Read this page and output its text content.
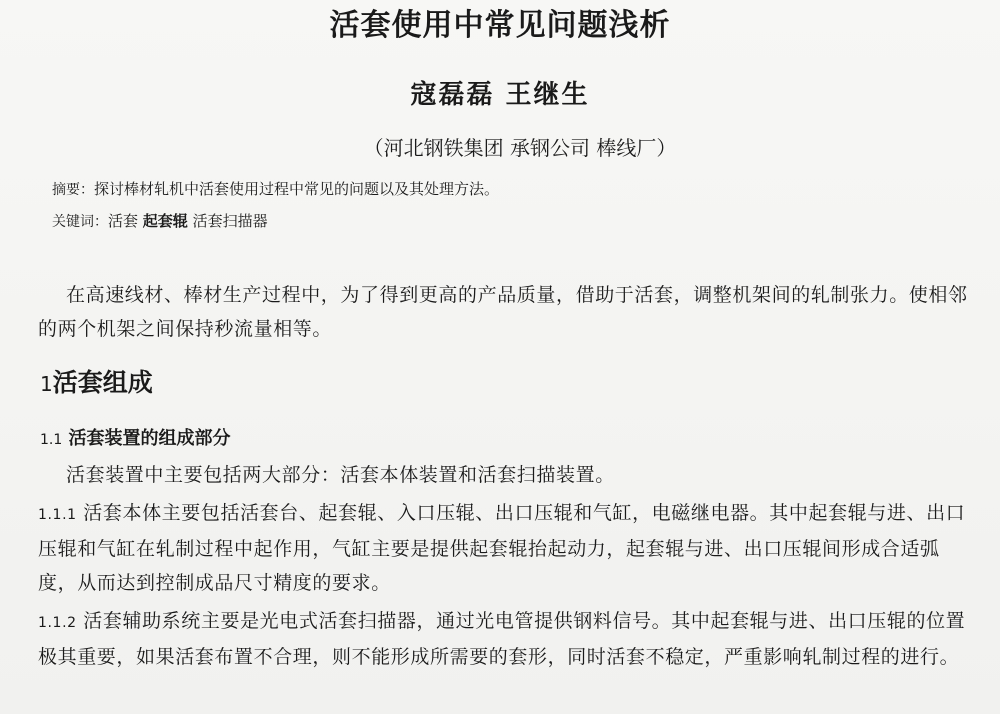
活套使用中常见问题浅析
寇磊磊 王继生
（河北钢铁集团 承钢公司 棒线厂）
摘要：探讨棒材轧机中活套使用过程中常见的问题以及其处理方法。
关键词：活套 起套辊 活套扫描器
在高速线材、棒材生产过程中，为了得到更高的产品质量，借助于活套，调整机架间的轧制张力。使相邻的两个机架之间保持秒流量相等。
1活套组成
1.1 活套装置的组成部分
活套装置中主要包括两大部分：活套本体装置和活套扫描装置。
1.1.1 活套本体主要包括活套台、起套辊、入口压辊、出口压辊和气缸，电磁继电器。其中起套辊与进、出口压辊和气缸在轧制过程中起作用，气缸主要是提供起套辊抬起动力，起套辊与进、出口压辊间形成合适弧度，从而达到控制成品尺寸精度的要求。
1.1.2 活套辅助系统主要是光电式活套扫描器，通过光电管提供钢料信号。其中起套辊与进、出口压辊的位置极其重要，如果活套布置不合理，则不能形成所需要的套形，同时活套不稳定，严重影响轧制过程的进行。
